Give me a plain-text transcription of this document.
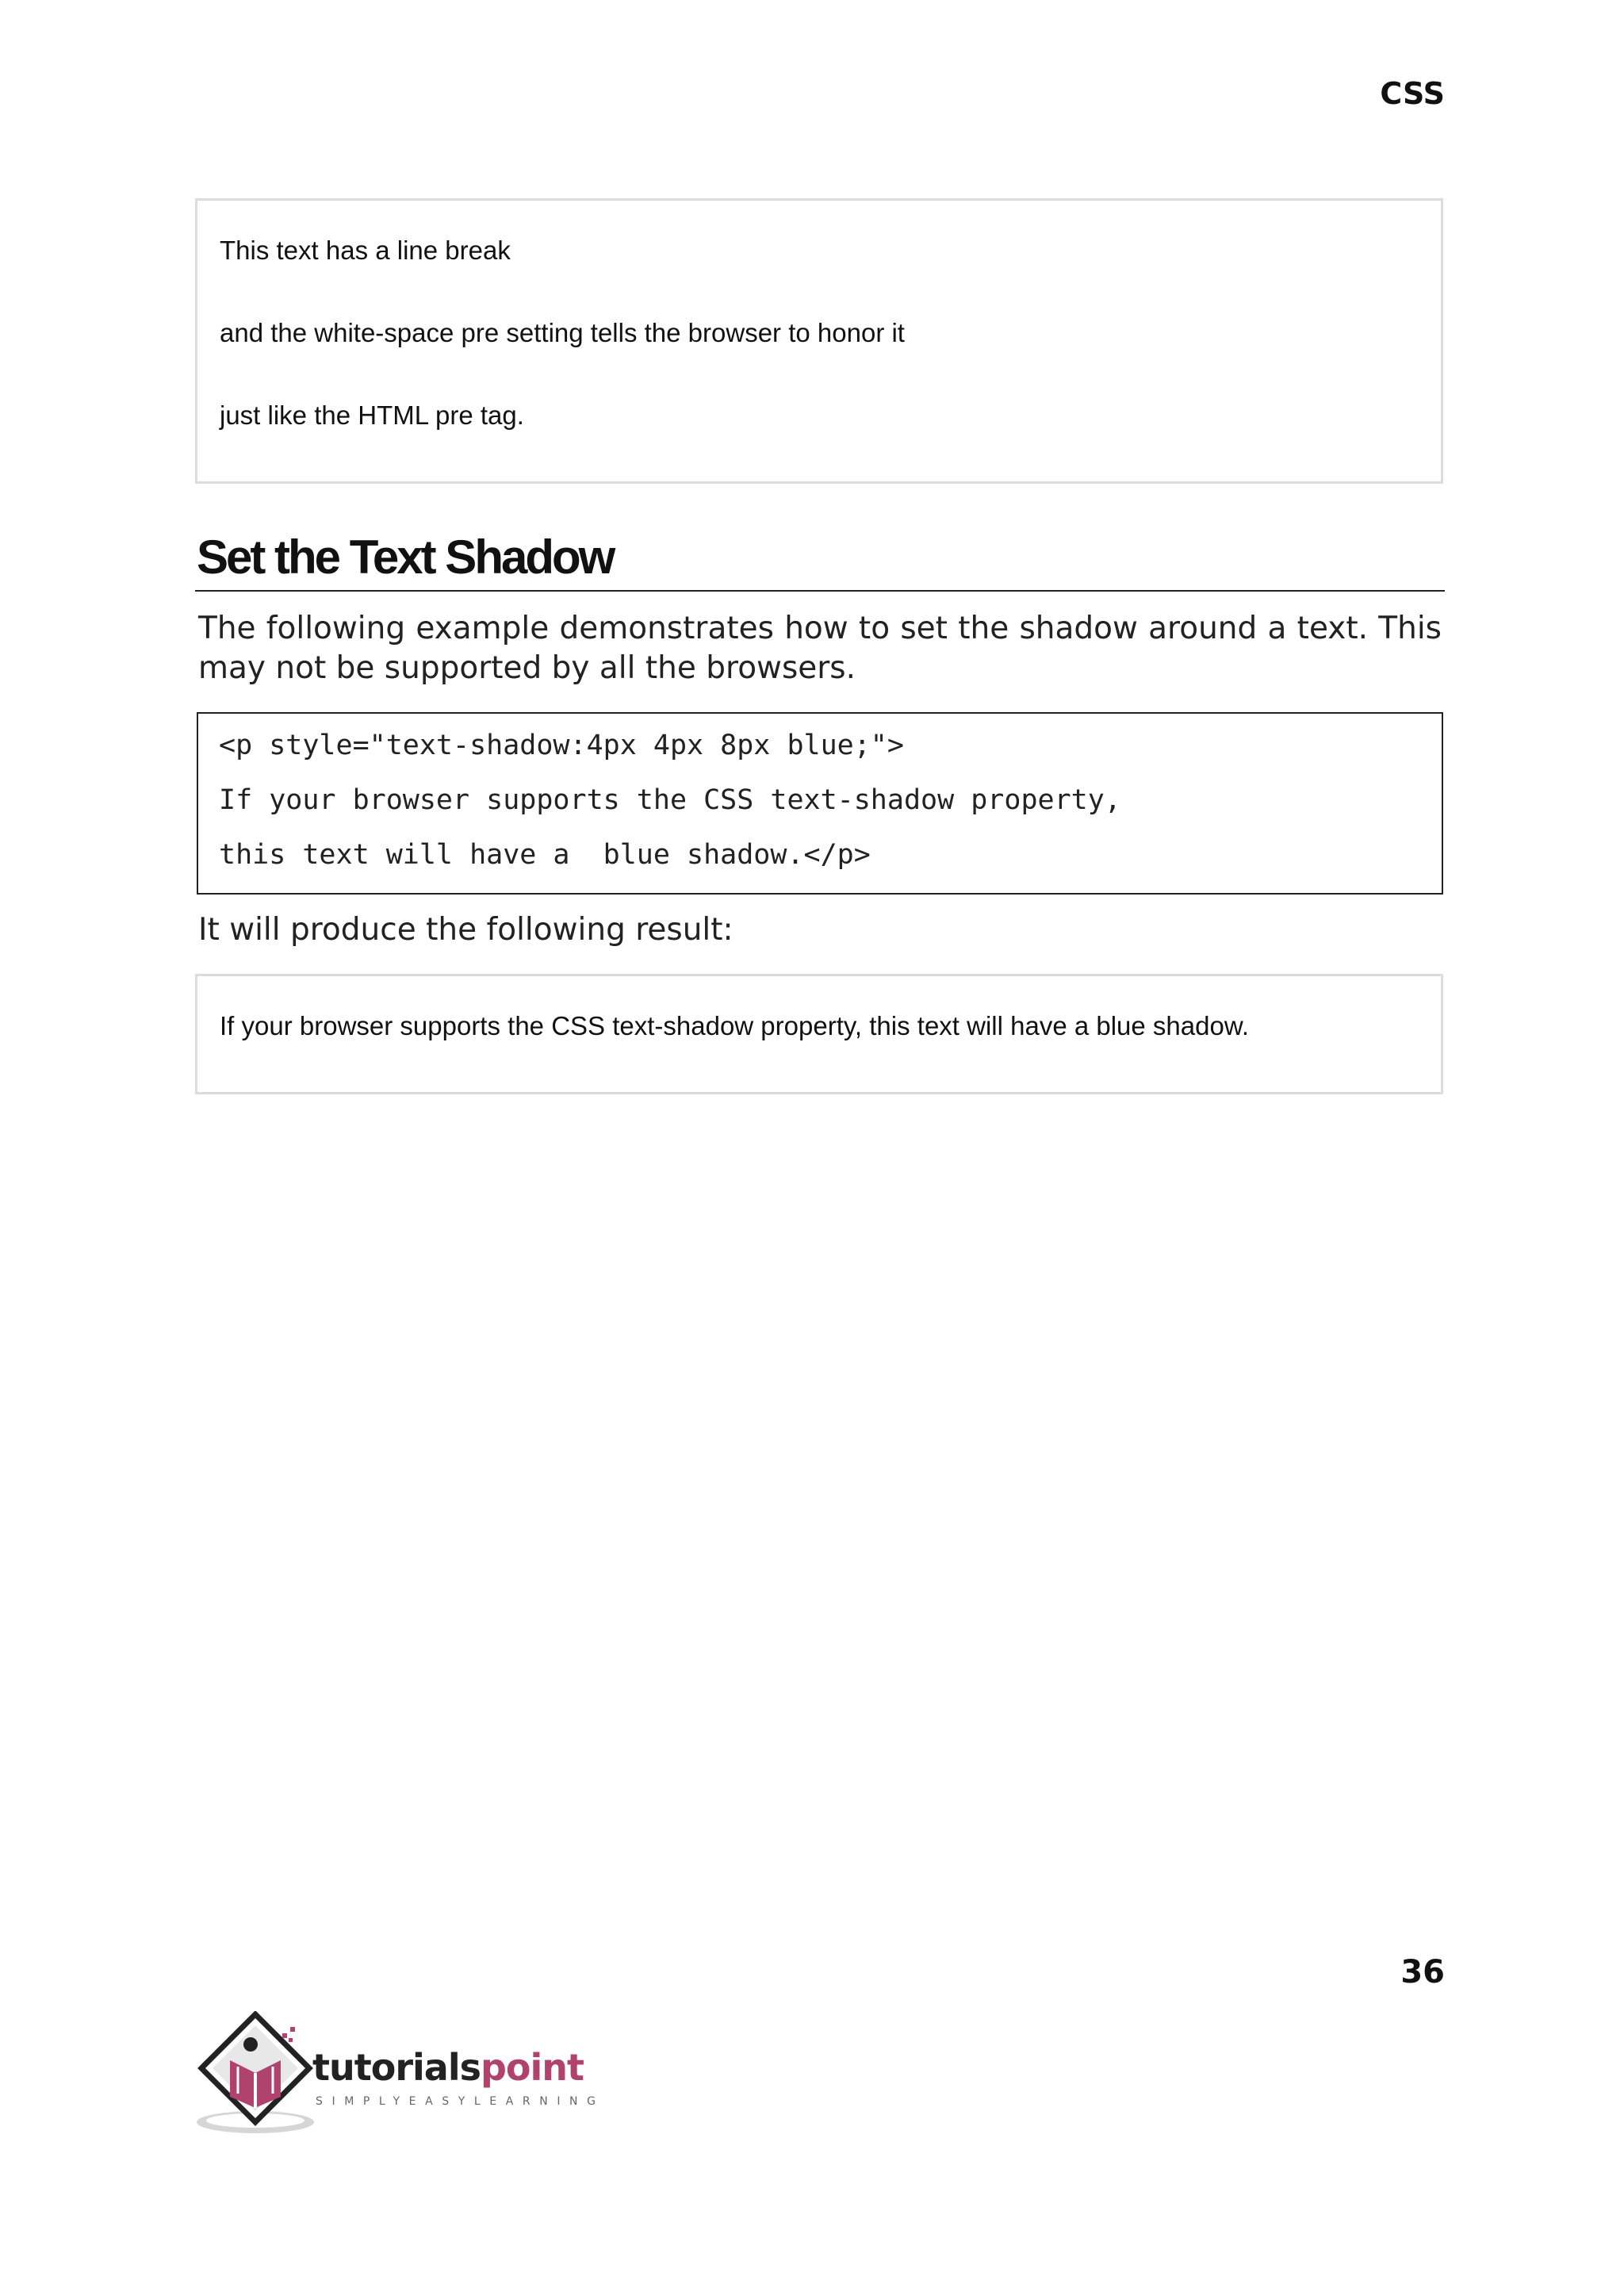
CSS
This text has a line break
and the white-space pre setting tells the browser to honor it
just like the HTML pre tag.
Set the Text Shadow
The following example demonstrates how to set the shadow around a text. This may not be supported by all the browsers.
<p style="text-shadow:4px 4px 8px blue;">
If your browser supports the CSS text-shadow property,
this text will have a  blue shadow.</p>
It will produce the following result:
If your browser supports the CSS text-shadow property, this text will have a blue shadow.
36
tutorialspoint
SIMPLYEASYLEARNING
